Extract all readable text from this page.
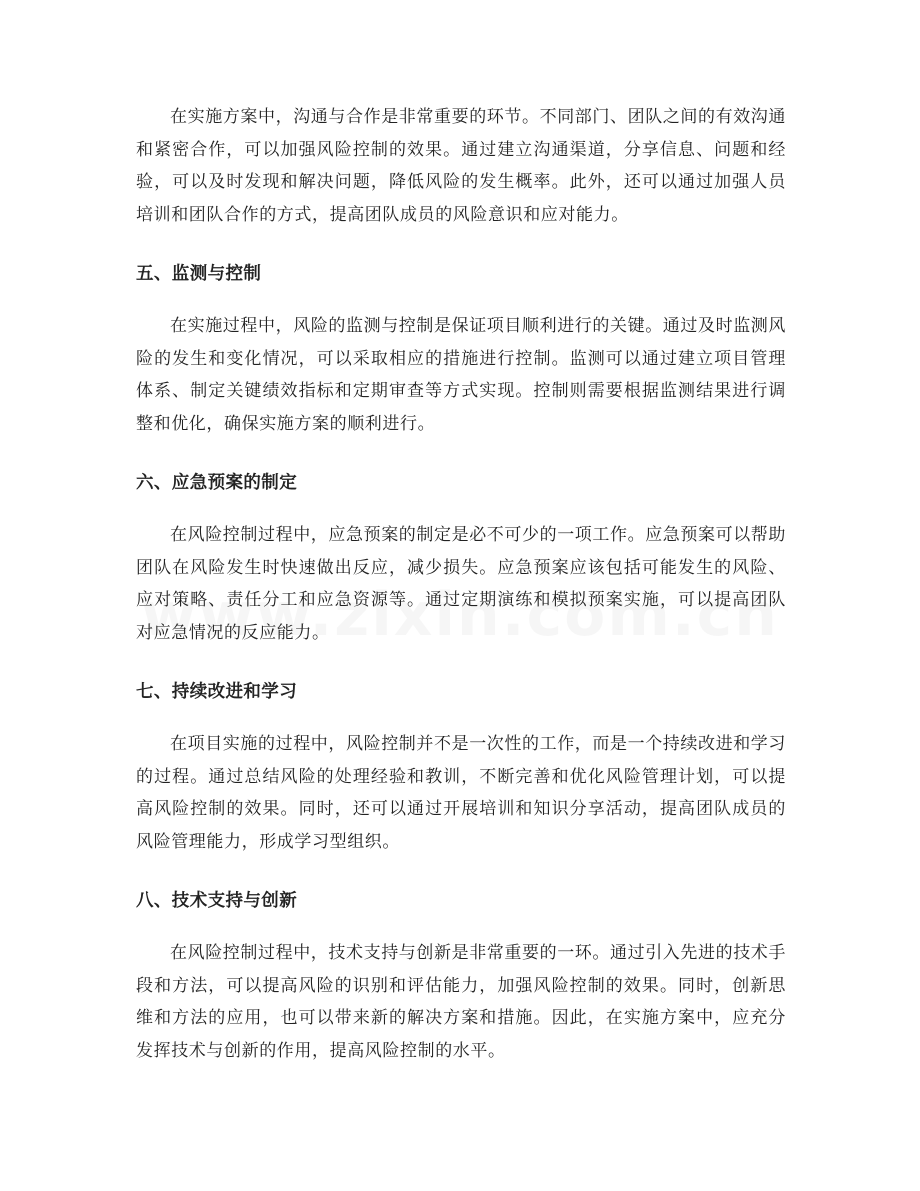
在实施方案中，沟通与合作是非常重要的环节。不同部门、团队之间的有效沟通和紧密合作，可以加强风险控制的效果。通过建立沟通渠道，分享信息、问题和经验，可以及时发现和解决问题，降低风险的发生概率。此外，还可以通过加强人员培训和团队合作的方式，提高团队成员的风险意识和应对能力。

五、监测与控制

在实施过程中，风险的监测与控制是保证项目顺利进行的关键。通过及时监测风险的发生和变化情况，可以采取相应的措施进行控制。监测可以通过建立项目管理体系、制定关键绩效指标和定期审查等方式实现。控制则需要根据监测结果进行调整和优化，确保实施方案的顺利进行。

六、应急预案的制定

在风险控制过程中，应急预案的制定是必不可少的一项工作。应急预案可以帮助团队在风险发生时快速做出反应，减少损失。应急预案应该包括可能发生的风险、应对策略、责任分工和应急资源等。通过定期演练和模拟预案实施，可以提高团队对应急情况的反应能力。

七、持续改进和学习

在项目实施的过程中，风险控制并不是一次性的工作，而是一个持续改进和学习的过程。通过总结风险的处理经验和教训，不断完善和优化风险管理计划，可以提高风险控制的效果。同时，还可以通过开展培训和知识分享活动，提高团队成员的风险管理能力，形成学习型组织。

八、技术支持与创新

在风险控制过程中，技术支持与创新是非常重要的一环。通过引入先进的技术手段和方法，可以提高风险的识别和评估能力，加强风险控制的效果。同时，创新思维和方法的应用，也可以带来新的解决方案和措施。因此，在实施方案中，应充分发挥技术与创新的作用，提高风险控制的水平。
